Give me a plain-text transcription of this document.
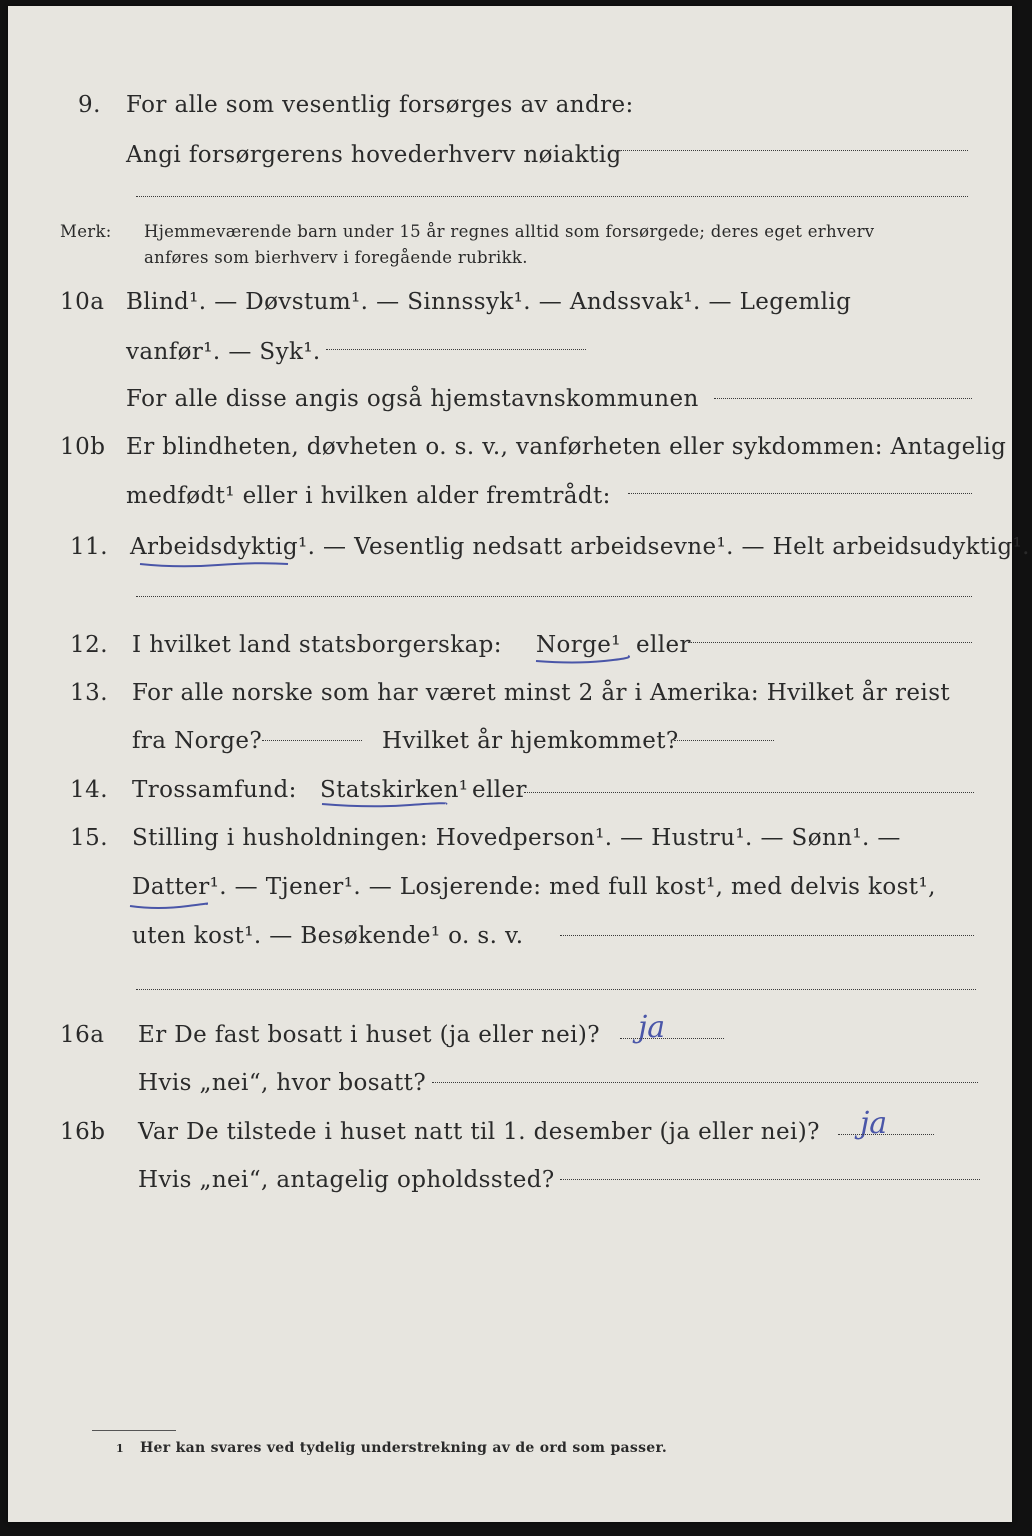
9. For alle som vesentlig forsørges av andre:
Angi forsørgerens hovederhverv nøiaktig
Merk: Hjemmeværende barn under 15 år regnes alltid som forsørgede; deres eget erhverv
anføres som bierhverv i foregående rubrikk.
10a Blind¹. — Døvstum¹. — Sinnssyk¹. — Andssvak¹. — Legemlig
vanfør¹. — Syk¹.
For alle disse angis også hjemstavnskommunen
10b Er blindheten, døvheten o. s. v., vanførheten eller sykdommen: Antagelig
medfødt¹ eller i hvilken alder fremtrådt:
11. Arbeidsdyktig¹. — Vesentlig nedsatt arbeidsevne¹. — Helt arbeidsudyktig¹.
12. I hvilket land statsborgerskap: Norge¹ eller
13. For alle norske som har været minst 2 år i Amerika: Hvilket år reist
fra Norge?	Hvilket år hjemkommet?
14. Trossamfund: Statskirken¹ eller
15. Stilling i husholdningen: Hovedperson¹. — Hustru¹. — Sønn¹. —
Datter¹. — Tjener¹. — Losjerende: med full kost¹, med delvis kost¹,
uten kost¹. — Besøkende¹ o. s. v.
16a Er De fast bosatt i huset (ja eller nei)? ja
Hvis „nei“, hvor bosatt?
16b Var De tilstede i huset natt til 1. desember (ja eller nei)? ja
Hvis „nei“, antagelig opholdssted?
1 Her kan svares ved tydelig understrekning av de ord som passer.
